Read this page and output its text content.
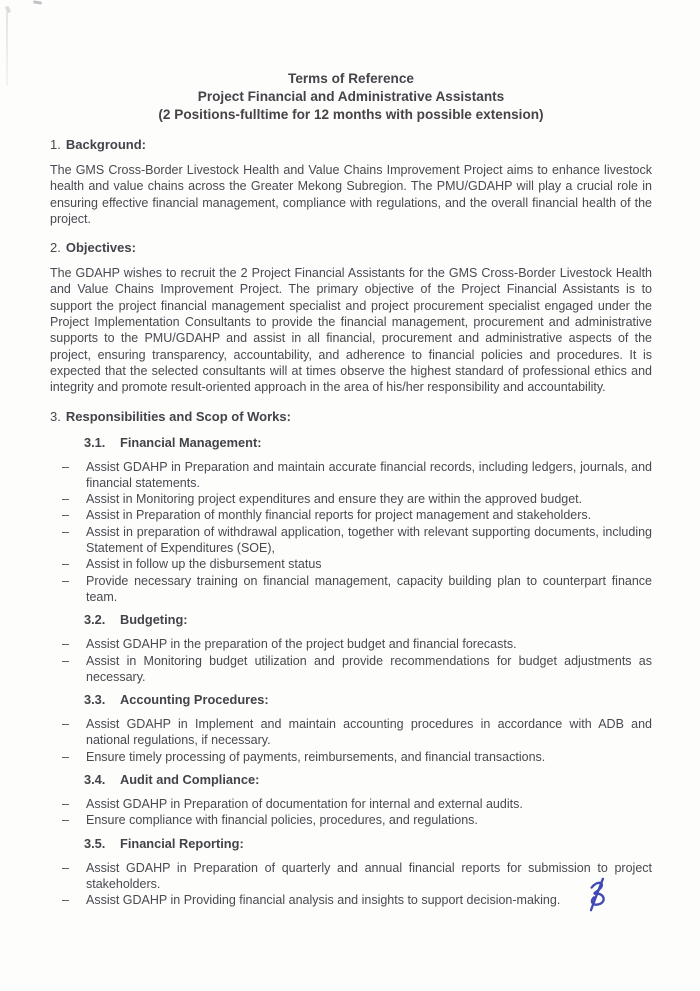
Terms of Reference
Project Financial and Administrative Assistants
(2 Positions-fulltime for 12 months with possible extension)
1. Background:
The GMS Cross-Border Livestock Health and Value Chains Improvement Project aims to enhance livestock health and value chains across the Greater Mekong Subregion. The PMU/GDAHP will play a crucial role in ensuring effective financial management, compliance with regulations, and the overall financial health of the project.
2. Objectives:
The GDAHP wishes to recruit the 2 Project Financial Assistants for the GMS Cross-Border Livestock Health and Value Chains Improvement Project. The primary objective of the Project Financial Assistants is to support the project financial management specialist and project procurement specialist engaged under the Project Implementation Consultants to provide the financial management, procurement and administrative supports to the PMU/GDAHP and assist in all financial, procurement and administrative aspects of the project, ensuring transparency, accountability, and adherence to financial policies and procedures. It is expected that the selected consultants will at times observe the highest standard of professional ethics and integrity and promote result-oriented approach in the area of his/her responsibility and accountability.
3. Responsibilities and Scop of Works:
3.1. Financial Management:
– Assist GDAHP in Preparation and maintain accurate financial records, including ledgers, journals, and financial statements.
– Assist in Monitoring project expenditures and ensure they are within the approved budget.
– Assist in Preparation of monthly financial reports for project management and stakeholders.
– Assist in preparation of withdrawal application, together with relevant supporting documents, including Statement of Expenditures (SOE),
– Assist in follow up the disbursement status
– Provide necessary training on financial management, capacity building plan to counterpart finance team.
3.2. Budgeting:
– Assist GDAHP in the preparation of the project budget and financial forecasts.
– Assist in Monitoring budget utilization and provide recommendations for budget adjustments as necessary.
3.3. Accounting Procedures:
– Assist GDAHP in Implement and maintain accounting procedures in accordance with ADB and national regulations, if necessary.
– Ensure timely processing of payments, reimbursements, and financial transactions.
3.4. Audit and Compliance:
– Assist GDAHP in Preparation of documentation for internal and external audits.
– Ensure compliance with financial policies, procedures, and regulations.
3.5. Financial Reporting:
– Assist GDAHP in Preparation of quarterly and annual financial reports for submission to project stakeholders.
– Assist GDAHP in Providing financial analysis and insights to support decision-making.
